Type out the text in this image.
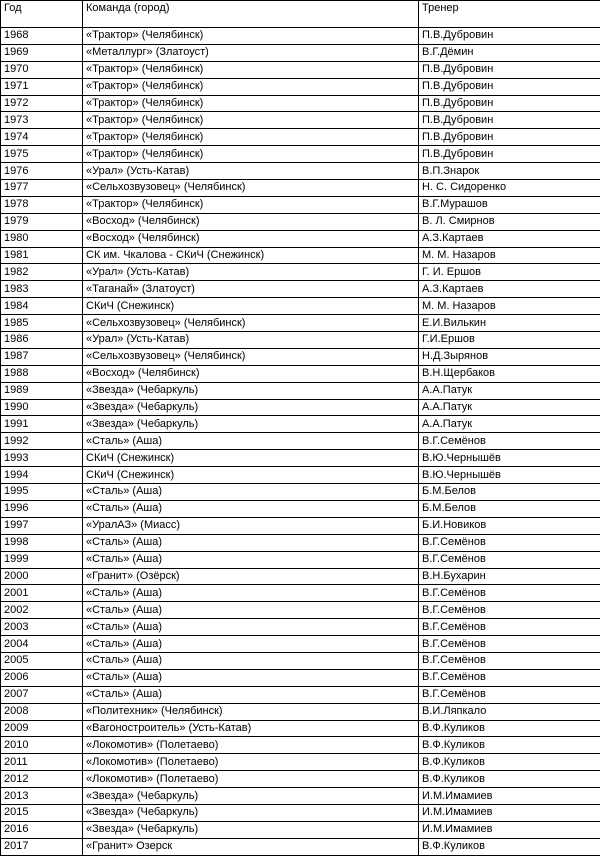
Год	Команда (город)	Тренер
1968	«Трактор» (Челябинск)	П.В.Дубровин
1969	«Металлург» (Златоуст)	В.Г.Дёмин
1970	«Трактор» (Челябинск)	П.В.Дубровин
1971	«Трактор» (Челябинск)	П.В.Дубровин
1972	«Трактор» (Челябинск)	П.В.Дубровин
1973	«Трактор» (Челябинск)	П.В.Дубровин
1974	«Трактор» (Челябинск)	П.В.Дубровин
1975	«Трактор» (Челябинск)	П.В.Дубровин
1976	«Урал» (Усть-Катав)	В.П.Знарок
1977	«Сельхозвузовец» (Челябинск)	Н. С. Сидоренко
1978	«Трактор» (Челябинск)	В.Г.Мурашов
1979	«Восход» (Челябинск)	В. Л. Смирнов
1980	«Восход» (Челябинск)	А.З.Картаев
1981	СК им. Чкалова - СКиЧ (Снежинск)	М. М. Назаров
1982	«Урал» (Усть-Катав)	Г. И. Ершов
1983	«Таганай» (Златоуст)	А.З.Картаев
1984	СКиЧ (Снежинск)	М. М. Назаров
1985	«Сельхозвузовец» (Челябинск)	Е.И.Вилькин
1986	«Урал» (Усть-Катав)	Г.И.Ершов
1987	«Сельхозвузовец» (Челябинск)	Н.Д.Зырянов
1988	«Восход» (Челябинск)	В.Н.Щербаков
1989	«Звезда» (Чебаркуль)	А.А.Патук
1990	«Звезда» (Чебаркуль)	А.А.Патук
1991	«Звезда» (Чебаркуль)	А.А.Патук
1992	«Сталь» (Аша)	В.Г.Семёнов
1993	СКиЧ (Снежинск)	В.Ю.Чернышёв
1994	СКиЧ (Снежинск)	В.Ю.Чернышёв
1995	«Сталь» (Аша)	Б.М.Белов
1996	«Сталь» (Аша)	Б.М.Белов
1997	«УралАЗ» (Миасс)	Б.И.Новиков
1998	«Сталь» (Аша)	В.Г.Семёнов
1999	«Сталь» (Аша)	В.Г.Семёнов
2000	«Гранит» (Озёрск)	В.Н.Бухарин
2001	«Сталь» (Аша)	В.Г.Семёнов
2002	«Сталь» (Аша)	В.Г.Семёнов
2003	«Сталь» (Аша)	В.Г.Семёнов
2004	«Сталь» (Аша)	В.Г.Семёнов
2005	«Сталь» (Аша)	В.Г.Семёнов
2006	«Сталь» (Аша)	В.Г.Семёнов
2007	«Сталь» (Аша)	В.Г.Семёнов
2008	«Политехник» (Челябинск)	В.И.Ляпкало
2009	«Вагоностроитель» (Усть-Катав)	В.Ф.Куликов
2010	«Локомотив» (Полетаево)	В.Ф.Куликов
2011	«Локомотив» (Полетаево)	В.Ф.Куликов
2012	«Локомотив» (Полетаево)	В.Ф.Куликов
2013	«Звезда» (Чебаркуль)	И.М.Имамиев
2015	«Звезда» (Чебаркуль)	И.М.Имамиев
2016	«Звезда» (Чебаркуль)	И.М.Имамиев
2017	«Гранит» Озерск	В.Ф.Куликов
